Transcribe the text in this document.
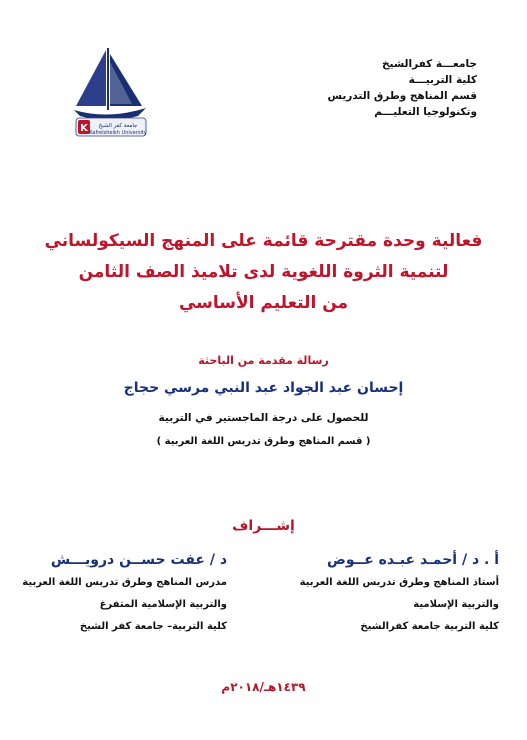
جامعـــة كفرالشيخ
كلية التربيـــة
قسم المناهج وطرق التدريس
وتكنولوجيا التعليـــم
K جامعة كفر الشيخ
Kafrelsheikh University
فعالية وحدة مقترحة قائمة على المنهج السيكولساني
لتنمية الثروة اللغوية لدى تلاميذ الصف الثامن
من التعليم الأساسي
رسالة مقدمة من الباحثة
إحسان عبد الجواد عبد النبي مرسي حجاج
للحصول على درجة الماجستير في التربية
( قسم المناهج وطرق تدريس اللغة العربية )
إشـــراف
أ . د / أحمـد عبـده عــوض
أستاذ المناهج وطرق تدريس اللغة العربية
والتربية الإسلامية
كلية التربية جامعة كفرالشيخ
د / عفت حســن درويـــش
مدرس المناهج وطرق تدريس اللغة العربية
والتربية الإسلامية المتفرغ
كلية التربية– جامعة كفر الشيخ
١٤٣٩هـ/٢٠١٨م
